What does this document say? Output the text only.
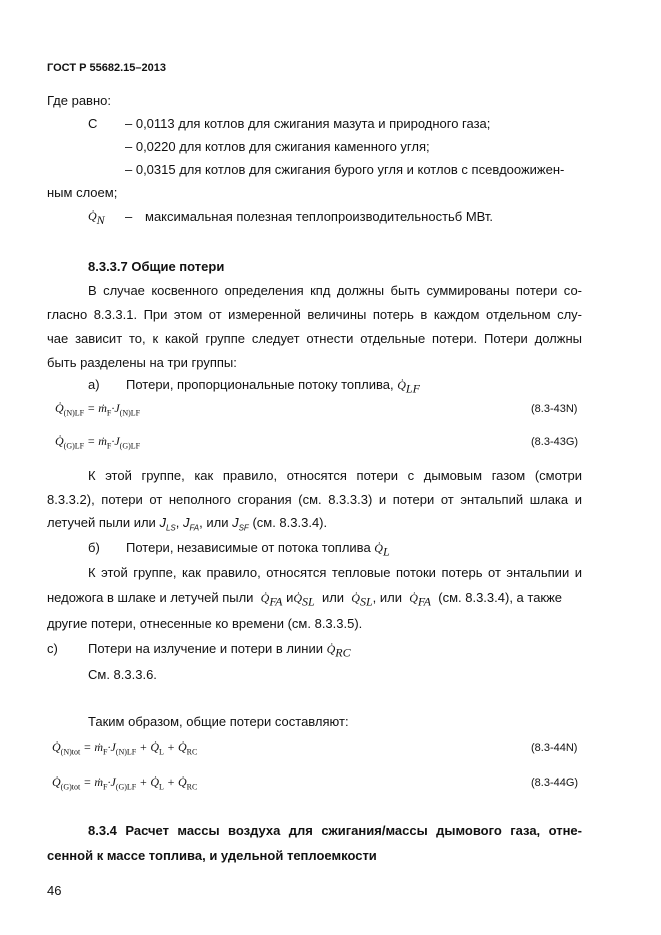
ГОСТ Р 55682.15–2013
Где равно:
С – 0,0113 для котлов для сжигания мазута и природного газа;
– 0,0220 для котлов для сжигания каменного угля;
– 0,0315 для котлов для сжигания бурого угля и котлов с псевдоожижен-
ным слоем;
$Q̇_N$ – максимальная полезная теплопроизводительностьб МВт.
8.3.3.7 Общие потери
В случае косвенного определения кпд должны быть суммированы потери со-
гласно 8.3.3.1. При этом от измеренной величины потерь в каждом отдельном слу-
чае зависит то, к какой группе следует отнести отдельные потери. Потери должны
быть разделены на три группы:
а) Потери, пропорциональные потоку топлива, $Q̇_{LF}$
$Q̇_{(N)LF}$ = $ṁ_F\cdot J_{(N)LF}$	(8.3-43N)
$Q̇_{(G)LF}$ = $ṁ_F\cdot J_{(G)LF}$	(8.3-43G)
К этой группе, как правило, относятся потери с дымовым газом (смотри
8.3.3.2), потери от неполного сгорания (см. 8.3.3.3) и потери от энтальпий шлака и
летучей пыли или $J_{LS}$, $J_{FA}$, или $J_{SF}$ (см. 8.3.3.4).
б) Потери, независимые от потока топлива $Q̇_L$
К этой группе, как правило, относятся тепловые потоки потерь от энтальпии и
недожога в шлаке и летучей пыли $Q̇_{FA}$ $иQ̇_{SL}$ или $Q̇_{SL}$, или $Q̇_{FA}$ (см. 8.3.3.4), а также
другие потери, отнесенные ко времени (см. 8.3.3.5).
с) Потери на излучение и потери в линии $Q̇_{RC}$
См. 8.3.3.6.
Таким образом, общие потери составляют:
$Q̇_{(N)tot}$ = $ṁ_F\cdot J_{(N)LF}$ + $Q̇_L$ + $Q̇_{RC}$	(8.3-44N)
$Q̇_{(G)tot}$ = $ṁ_F\cdot J_{(G)LF}$ + $Q̇_L$ + $Q̇_{RC}$	(8.3-44G)
8.3.4 Расчет массы воздуха для сжигания/массы дымового газа, отне-
сенной к массе топлива, и удельной теплоемкости
46
